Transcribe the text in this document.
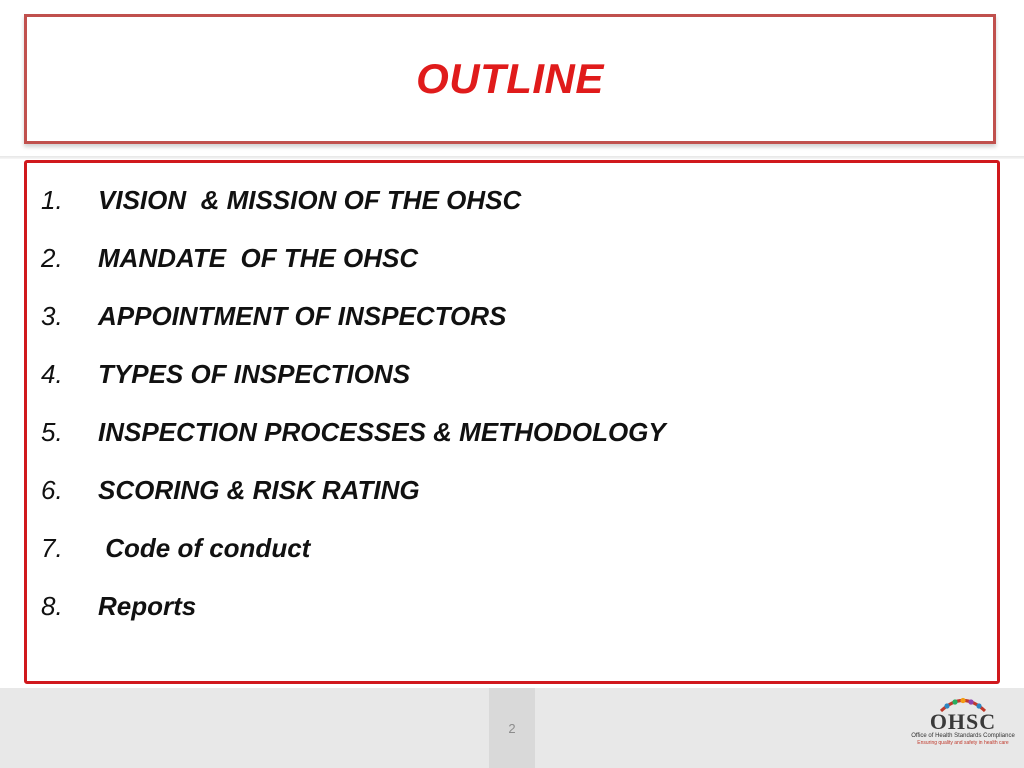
OUTLINE
1.	VISION  & MISSION OF THE OHSC
2.	MANDATE  OF THE OHSC
3.	APPOINTMENT OF INSPECTORS
4.	TYPES OF INSPECTIONS
5.	INSPECTION PROCESSES & METHODOLOGY
6.	SCORING & RISK RATING
7.	Code of conduct
8.	Reports
2	OHSC
Office of Health Standards Compliance
Ensuring quality and safety in health care
